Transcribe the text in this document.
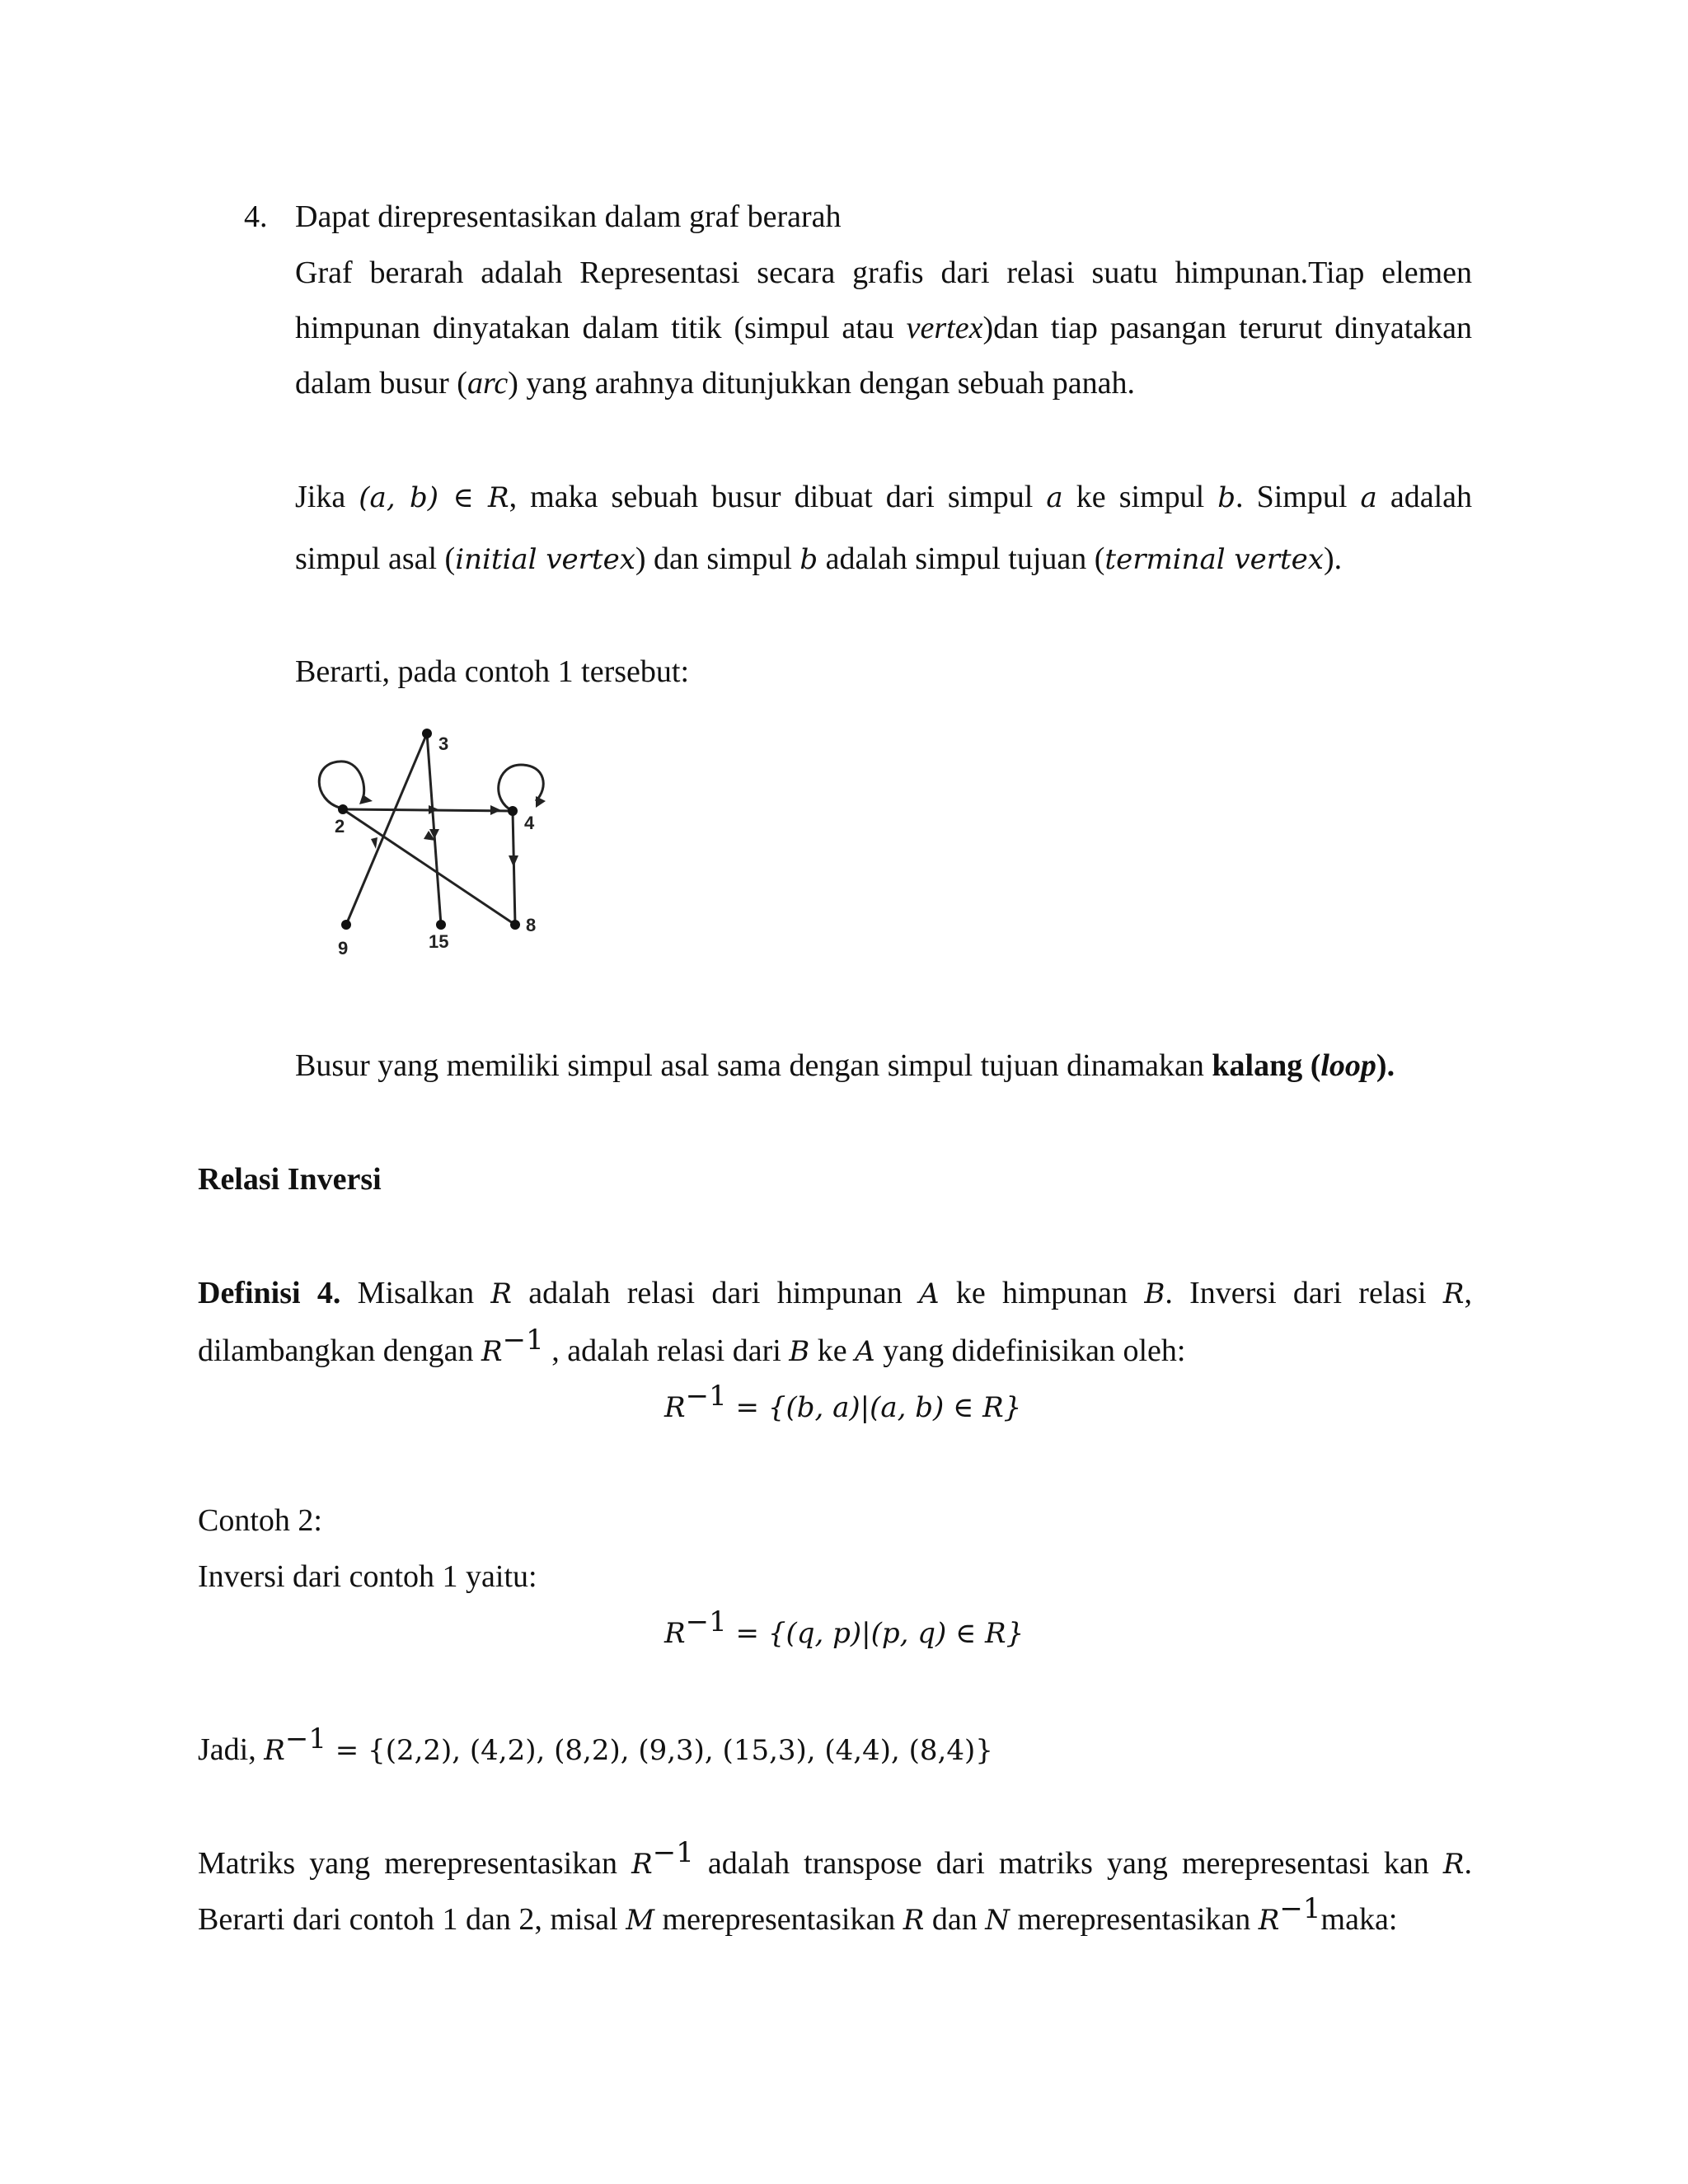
4. Dapat direpresentasikan dalam graf berarah
Graf berarah adalah Representasi secara grafis dari relasi suatu himpunan.Tiap elemen
himpunan dinyatakan dalam titik (simpul atau vertex)dan tiap pasangan terurut dinyatakan
dalam busur (arc) yang arahnya ditunjukkan dengan sebuah panah.
Jika (a, b) ∈ R, maka sebuah busur dibuat dari simpul a ke simpul b. Simpul a adalah
simpul asal (initial vertex) dan simpul b adalah simpul tujuan (terminal vertex).
Berarti, pada contoh 1 tersebut:
2
3
4
8
9	15
Busur yang memiliki simpul asal sama dengan simpul tujuan dinamakan kalang (loop).
Relasi Inversi
Definisi 4. Misalkan R adalah relasi dari himpunan A ke himpunan B. Inversi dari relasi R,
dilambangkan dengan $R^{-1}$ , adalah relasi dari B ke A yang didefinisikan oleh:
$R^{-1} = \{(b$, a)|(a, b) ∈ R}
Contoh 2:
Inversi dari contoh 1 yaitu:
$R^{-1} = \{(q$, p)|(p, q) ∈ R}
Jadi, $R^{-1} = \{(2,2)$, (4,2), (8,2), (9,3), (15,3), (4,4), (8,4)}
Matriks yang merepresentasikan $R^{-1}$ adalah transpose dari matriks yang merepresentasi kan R.
Berarti dari contoh 1 dan 2, misal M merepresentasikan R dan N merepresentasikan $R^{-1}maka$:
